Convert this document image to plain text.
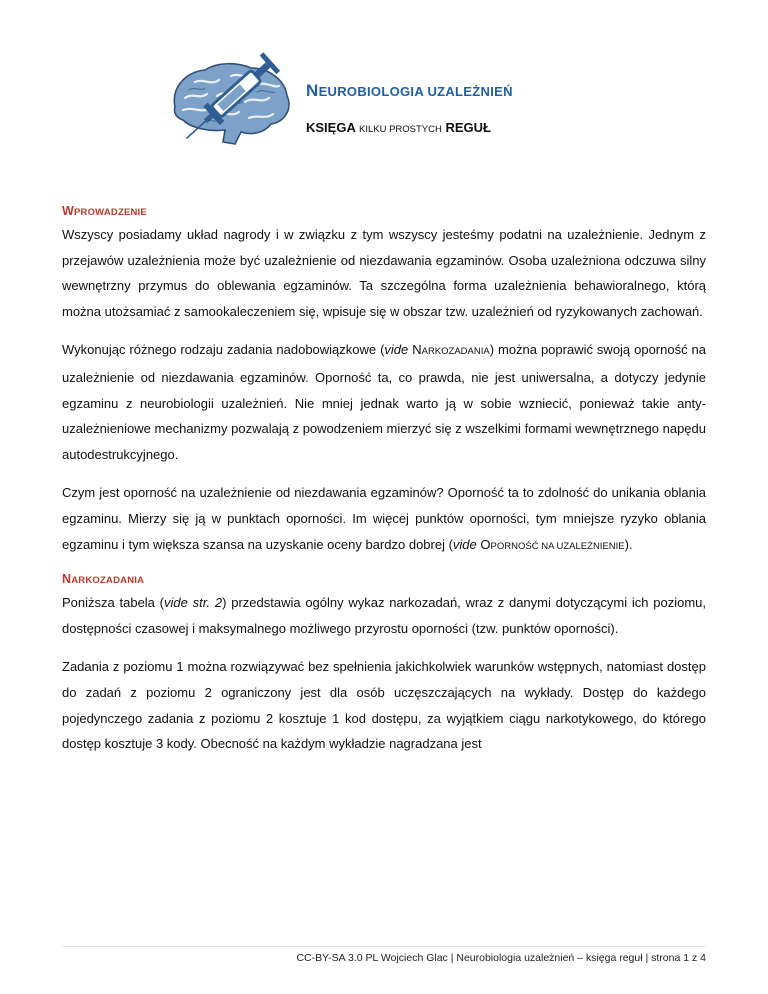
NEUROBIOLOGIA UZALEŻNIEŃ

KSIĘGA KILKU PROSTYCH REGUŁ

WPROWADZENIE

Wszyscy posiadamy układ nagrody i w związku z tym wszyscy jesteśmy podatni na uzależnienie. Jednym z przejawów uzależnienia może być uzależnienie od niezdawania egzaminów. Osoba uzależniona odczuwa silny wewnętrzny przymus do oblewania egzaminów. Ta szczególna forma uzależnienia behawioralnego, którą można utożsamiać z samookaleczeniem się, wpisuje się w obszar tzw. uzależnień od ryzykowanych zachowań.

Wykonując różnego rodzaju zadania nadobowiązkowe (vide NARKOZADANIA) można poprawić swoją oporność na uzależnienie od niezdawania egzaminów. Oporność ta, co prawda, nie jest uniwersalna, a dotyczy jedynie egzaminu z neurobiologii uzależnień. Nie mniej jednak warto ją w sobie wzniecić, ponieważ takie anty-uzależnieniowe mechanizmy pozwalają z powodzeniem mierzyć się z wszelkimi formami wewnętrznego napędu autodestrukcyjnego.

Czym jest oporność na uzależnienie od niezdawania egzaminów? Oporność ta to zdolność do unikania oblania egzaminu. Mierzy się ją w punktach oporności. Im więcej punktów oporności, tym mniejsze ryzyko oblania egzaminu i tym większa szansa na uzyskanie oceny bardzo dobrej (vide OPORNOŚĆ NA UZALEŻNIENIE).

NARKOZADANIA

Poniższa tabela (vide str. 2) przedstawia ogólny wykaz narkozadań, wraz z danymi dotyczącymi ich poziomu, dostępności czasowej i maksymalnego możliwego przyrostu oporności (tzw. punktów oporności).

Zadania z poziomu 1 można rozwiązywać bez spełnienia jakichkolwiek warunków wstępnych, natomiast dostęp do zadań z poziomu 2 ograniczony jest dla osób uczęszczających na wykłady. Dostęp do każdego pojedynczego zadania z poziomu 2 kosztuje 1 kod dostępu, za wyjątkiem ciągu narkotykowego, do którego dostęp kosztuje 3 kody. Obecność na każdym wykładzie nagradzana jest

CC-BY-SA 3.0 PL Wojciech Glac | Neurobiologia uzależnień – księga reguł | strona 1 z 4
